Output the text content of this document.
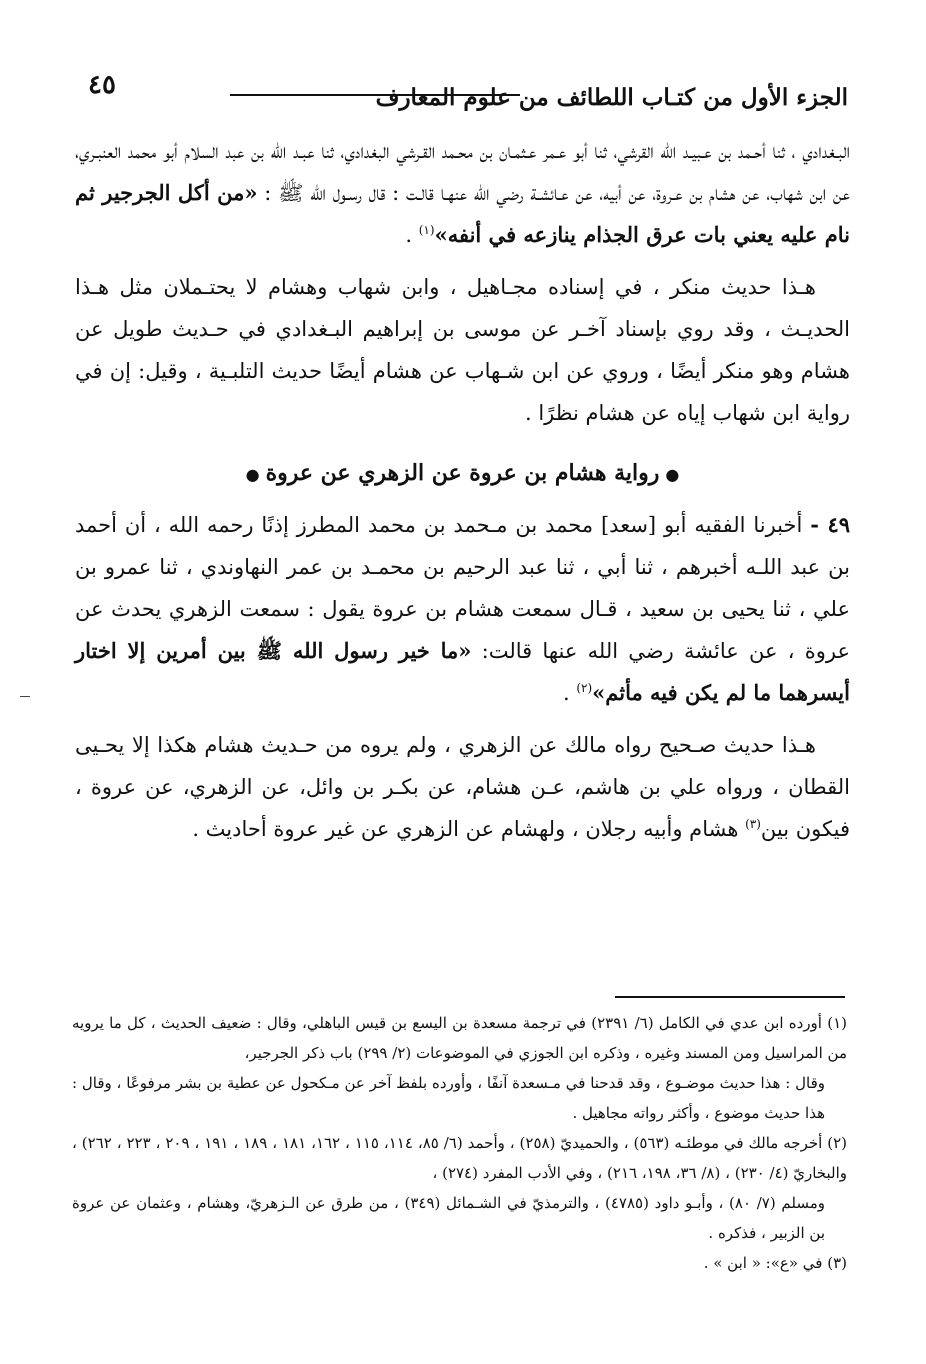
٤٥	الجزء الأول من كتـاب اللطائف من علوم المعارف

البـغدادي ، ثنا أحـمد بن عـبيـد الله القرشي، ثنا أبو عـمر عـثمـان بن محـمد القـرشي البغدادي، ثنا عبـد الله بن عبد السلام أبو محمد العنبـري، عن ابن شهاب، عن هشام بن عـروة، عن أبيه، عن عـائشـة رضي الله عنهـا قالـت : قال رسـول الله ﷺ : «من أكل الجرجير ثم نام عليه يعني بات عرق الجذام ينازعه في أنفه»$^{(١)}$ .

هـذا حديث منكر ، في إسناده مجـاهيل ، وابن شهاب وهشام لا يحتـملان مثل هـذا الحديـث ، وقد روي بإسناد آخـر عن موسى بن إبراهيم البـغدادي في حـديث طويل عن هشام وهو منكر أيضًا ، وروي عن ابن شـهاب عن هشام أيضًا حديث التلبـية ، وقيل: إن في رواية ابن شهاب إياه عن هشام نظرًا .

●رواية هشام بن عروة عن الزهري عن عروة●

٤٩ - أخبرنا الفقيه أبو [سعد] محمد بن مـحمد بن محمد المطرز إذنًا رحمه الله ، أن أحمد بن عبد اللـه أخبرهم ، ثنا أبي ، ثنا عبد الرحيم بن محمـد بن عمر النهاوندي ، ثنا عمرو بن علي ، ثنا يحيى بن سعيد ، قـال سمعت هشام بن عروة يقول : سمعت الزهري يحدث عن عروة ، عن عائشة رضي الله عنها قالت: «ما خير رسول الله ﷺ بين أمرين إلا اختار أيسرهما ما لم يكن فيه مأثم»$^{(٢)}$ .

هـذا حديث صـحيح رواه مالك عن الزهري ، ولم يروه من حـديث هشام هكذا إلا يحـيى القطان ، ورواه علي بن هاشم، عـن هشام، عن بكـر بن وائل، عن الزهري، عن عروة ، فيكون بين$^{(٣)}$ هشام وأبيه رجلان ، ولهشام عن الزهري عن غير عروة أحاديث .

(١) أورده ابن عدي في الكامل (٦/ ٢٣٩١) في ترجمة مسعدة بن اليسع بن قيس الباهلي، وقال : ضعيف الحديث ، كل ما يرويه من المراسيل ومن المسند وغيره ، وذكره ابن الجوزي في الموضوعات (٢/ ٢٩٩) باب ذكر الجرجير،

وقال : هذا حديث موضـوع ، وقد قدحنا في مـسعدة آنفًا ، وأورده بلفظ آخر عن مـكحول عن عطية بن بشر مرفوعًا ، وقال : هذا حديث موضوع ، وأكثر رواته مجاهيل .

(٢) أخرجه مالك في موطئـه (٥٦٣) ، والحميديّ (٢٥٨) ، وأحمد (٦/ ٨٥، ١١٤، ١١٥ ، ١٦٢، ١٨١ ، ١٨٩ ، ١٩١ ، ٢٠٩ ، ٢٢٣ ، ٢٦٢) ، والبخاريّ (٤/ ٢٣٠) ، (٨/ ٣٦، ١٩٨، ٢١٦) ، وفي الأدب المفرد (٢٧٤) ،

ومسلم (٧/ ٨٠) ، وأبـو داود (٤٧٨٥) ، والترمذيّ في الشـمائل (٣٤٩) ، من طرق عن الـزهريّ، وهشام ، وعثمان عن عروة بن الزبير ، فذكره .

(٣) في «ع»: « ابن » .
